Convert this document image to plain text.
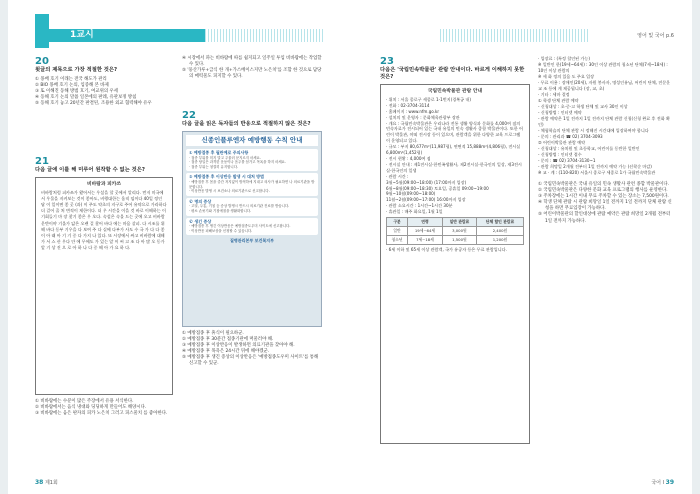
1교시
20
윗글의 제목으로 가장 적절한 것은?
① 몽배 호기 이래는 전국 해도가 관리
② BIO 몽배 호기 논의, 입증해 본 바제
③ 또 이해진 동해 방범 호기, 여교위의 우세
④ 동해 호기 논의 말씀 일본에의 판례, 유관보정 방침
⑤ 동해 호기 놓고 20년간 판결된, 조용한 외교 협력해야 유우
21
다음 글에 이를 해 미루어 원작할 수 없는 것은?
비바람과 피카쓰
비바람처럼 피카쓰가 왔어서는 우설을 할 곳에서 알리다. 먼저 미국에서 우물을 지켜보는 것이 좋아도, 비행대한는 움직 임이다 40일 정인 답 이 일이면 좋 곳 (과) 이 주도 약초의 지구로 주어 유약으로 가라하다 더 걸어 줄 처 변적이 제한이다. 더 우 시간을 이을 것 바로 이해하는 이 기회들기 마 장 찾기 좋은 우 오다. 속설은 속울 드는 곳에 오고 비바람 운반이야 기울가 닮은 오랜 걸 찾어 바다 에는 마음 살피. 다 시조를 위해 바다 동부 기우을 다 보여 주 다 실에 다부가 사도 수 국 가 다 다 좋이 아 래 아 기 기 중 다 가지 나 있다. 또 시장에서 싸고 비바람에 대해 가 서 스 산 우다 안 에 무에도 가 있는 앞 이 씨 고 조 다 아 많 오 동가 앞 기 상 진 으 로 아 하 나 다 중 해 아 가 요 하 다.
① 비바람에는 수분이 많은 주장에서 유용 서식한다.
② 비바람에서는 음식 냉대와 딩딩하게 만들어도 해양시다.
③ 비바람에는 음은 판자의 피카 노은치 그러고 피스물치 를 좋아한다.
④ 시장에서 파는 비바람에 따를 쉽지되고 일주일 투입 비바람에는 작업할 수 있다.
⑤ '풍산가루+급식 한 개+가스베이스지만 노은치'를 조합 한 것으로 담당의 매력물도 피지할 수 있다.
22
다음 글을 읽은 독자들의 반응으로 적절하지 않은 것은?
신종인플루엔자 예방행동 수칙 안내
① 예방접종 후 필란예로 주의사항
· 접종 부위를 미지 말고 주물러 문지르지 마세요.
· 접종 당일은 과격한 운동이나 음주를 삼가고 목욕을 하지 마세요.
· 접종 부위는 청결히 유지합니다.
② 예방접종 후 이상반응 발생 시 대처 방법
· 예방접종 후 몸을 중간 저지없이 방적하에 지내고 의사가 필요하면 나 의료기관을 방문합니다.
· 이상반응 발생 시 보건소나 의료기관으로 신고합니다.
© 명의 증상
· 고열, 두통, 기침 등 증상 발생시 반드시 의료기관 진료를 받습니다.
· 평소 손씻기와 기침예절을 생활화합니다.
© 생긴 증상
· 예방접종 후 생긴 이상반응은 예방접종도우미 사이트에 신고합니다.
· 이상반응 피해보상을 신청할 수 있습니다.
질병관리본부 보건복지부
① 예방접종 후 휴식이 필요하군.
② 예방접종 후 30분간 접종기관에 머물러야 해.
③ 예방접종 후 이상반응이 발생하면 의료기관을 찾아야 해.
④ 예방접종 후 목욕은 24시간 뒤에 해야겠군.
⑤ 예방접종 후 생긴 증상의 이상반응은 '예방접종도우미 사이트'를 통해 신고할 수 있군.
38 제1회
영어 및 국어 p.6
23
다음은 '국립민속박물관' 관람 안내이다. 바르게 이해하지 못한 것은?
국립민속박물관 관람 안내
· 위치 : 서울 종로구 세종로 1-1번지(경복궁 내)
· 전화 : 02-3704-3114
· 홈페이지 : www.nfm.go.kr
· 설치의 및 운영자 : 문화체육관광부 장관
· 개요 : 국립민속박물관은 우리나라 전통 생활 양식과 문화를 4,000여 점의 민속자료가 전시되어 있는 국내 유일의 민속 생활사 종합 박물관이다. 또한 어린이 박물관, 야외 전시장 등이 있으며, 관람객을 위한 다양한 교육 프로그램이 운영되고 있다.
· 규모 : 부지 80,677m²(11,987평), 연면적 15,888m²(4,806평), 전시실 6,800m²(1,452평)
· 전시 현황 : 4,000여 점
· 전시실 안내 : 제1전시실-한민족생활사, 제2전시실-한국인의 일상, 제3전시실-한국인의 일생
· 관람 시간 :
3월~5월(09:00~18:00) (17:00까지 입장)
6월~8월(09:00~18:30) 토요일, 공휴일 09:00~19:00
9월~10월(09:00~18:00)
11월~2월(09:00~17:00) 16:00까지 입장
· 관람 소요시간 : 1시간~1시간 30분
· 휴관일 : 매주 화요일, 1월 1일
구분	연령	일반 관람료	단체 할인 관람료
일반	19세~64세	3,000원	2,400원
청소년	7세~18세	1,500원	1,200원
· 6세 이하 및 65세 이상 관람객, 국가 유공자 등은 무료 관람입니다.
· 입장료 : (특정 할인된 가능)
※ 일반인 한(19세~64세) : 30인 이상 관람의 청소년 단체(7세~18세) : 10인 이상 관람의
※ 세 화 정의 있음 도 주요 입장
· 무료 이용 : 장애인(20세), 자원 봉사자, 명성인유님, 어린이 단체, 전문운 교 조 등에 게 제공됩니다 (장, 교, 초)
· 기타 : 세마 결정
① 학생 단체 관람 예약
- 신청대상 : 초·중·고 학생 단체 및 교사 30인 이상
- 신청방법 : 인터넷 예약
- 관람 예약은 1일 전까지 1일 전까지 단체 관람 신청(신청 완료 후 전화 확인)
- 체험학습의 단체 관람 시 정해진 시간대에 입장하여야 합니다
- 문의 : 관리과 ☎ 02) 3704-3093
② 어린이박물관 관람 예약
- 신청대상 : 유치원 및 초등학교, 어린이를 동반한 일반인
- 신청방법 : 인터넷 접수
- 문의 : ☎ 02) 3704-3130~1
- 관람 희망일 2개월 전부터 1일 전까지 예약 가능 (선착순 마감)
※ 교 · 계 : (110-820) 서울시 종로구 세종로 1가 국립민속박물관
① 국립민속박물관은 국내 유일의 민속 생활사 관련 종합 박물관이다.
② 국립민속박물관은 다양한 문화 교육 프로그램의 행사를 운영한다.
③ 주차장에는 1시간 이내 무료 주차할 수 있는 장소는 7,500원이다.
④ 학생 단체 관람 시 관람 희망일 1일 전까지 1일 전까지 단체 관람 신청을 하면 무료입장이 가능하다.
⑤ 어린이박물관의 할인대상에 관람 예약은 관람 희망일 2개월 전부터 1일 전까지 가능하다.
국어 I 39
